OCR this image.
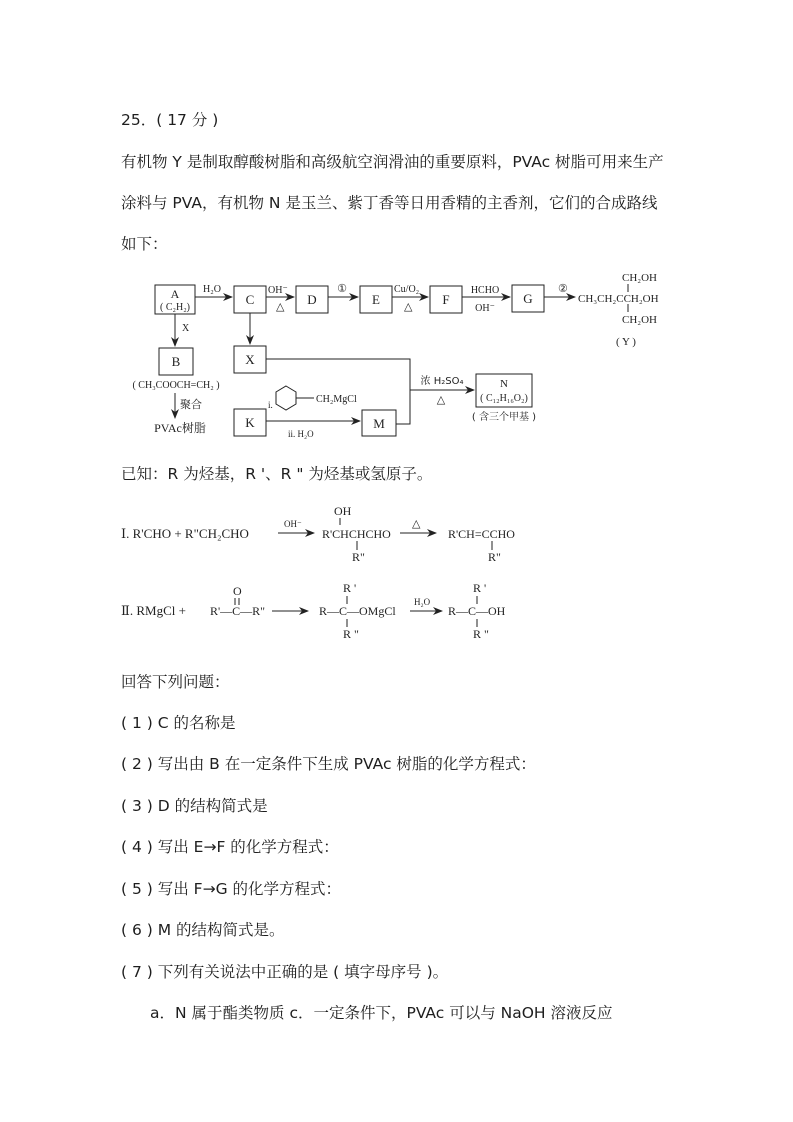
25．( 17 分 )
有机物 Y 是制取醇酸树脂和高级航空润滑油的重要原料，PVAc 树脂可用来生产
涂料与 PVA，有机物 N 是玉兰、紫丁香等日用香精的主香剂，它们的合成路线
如下：
A
( C₂H₂)
C	D	E	F	G
B	X
K	M
N
( C₁₂H₁₆O₂)
( 含三个甲基 )
( CH₃COOCH=CH₂ )
H₂O
X
OH⁻
△
①	Cu/O₂
△
HCHO
OH⁻
②
CH₂OH
CH₃CH₂CCH₂OH
CH₂OH
( Y )
聚合
PVAc树脂
i.	CH₂MgCl
ii. H₂O
浓 H₂SO₄
△
已知：R 为烃基，R '、R " 为烃基或氢原子。
Ⅰ. R'CHO + R"CH₂CHO
OH⁻
OH
R'CHCHCHO
R"
△
R'CH=CCHO
R"
Ⅱ. RMgCl +
O
R'—C—R"
R '
R—C—OMgCl
R "
H₂O
R '
R—C—OH
R "
回答下列问题：
( 1 ) C 的名称是
( 2 ) 写出由 B 在一定条件下生成 PVAc 树脂的化学方程式：
( 3 ) D 的结构简式是
( 4 ) 写出 E→F 的化学方程式：
( 5 ) 写出 F→G 的化学方程式：
( 6 ) M 的结构简式是。
( 7 ) 下列有关说法中正确的是 ( 填字母序号 )。
a．N 属于酯类物质 c．一定条件下，PVAc 可以与 NaOH 溶液反应
